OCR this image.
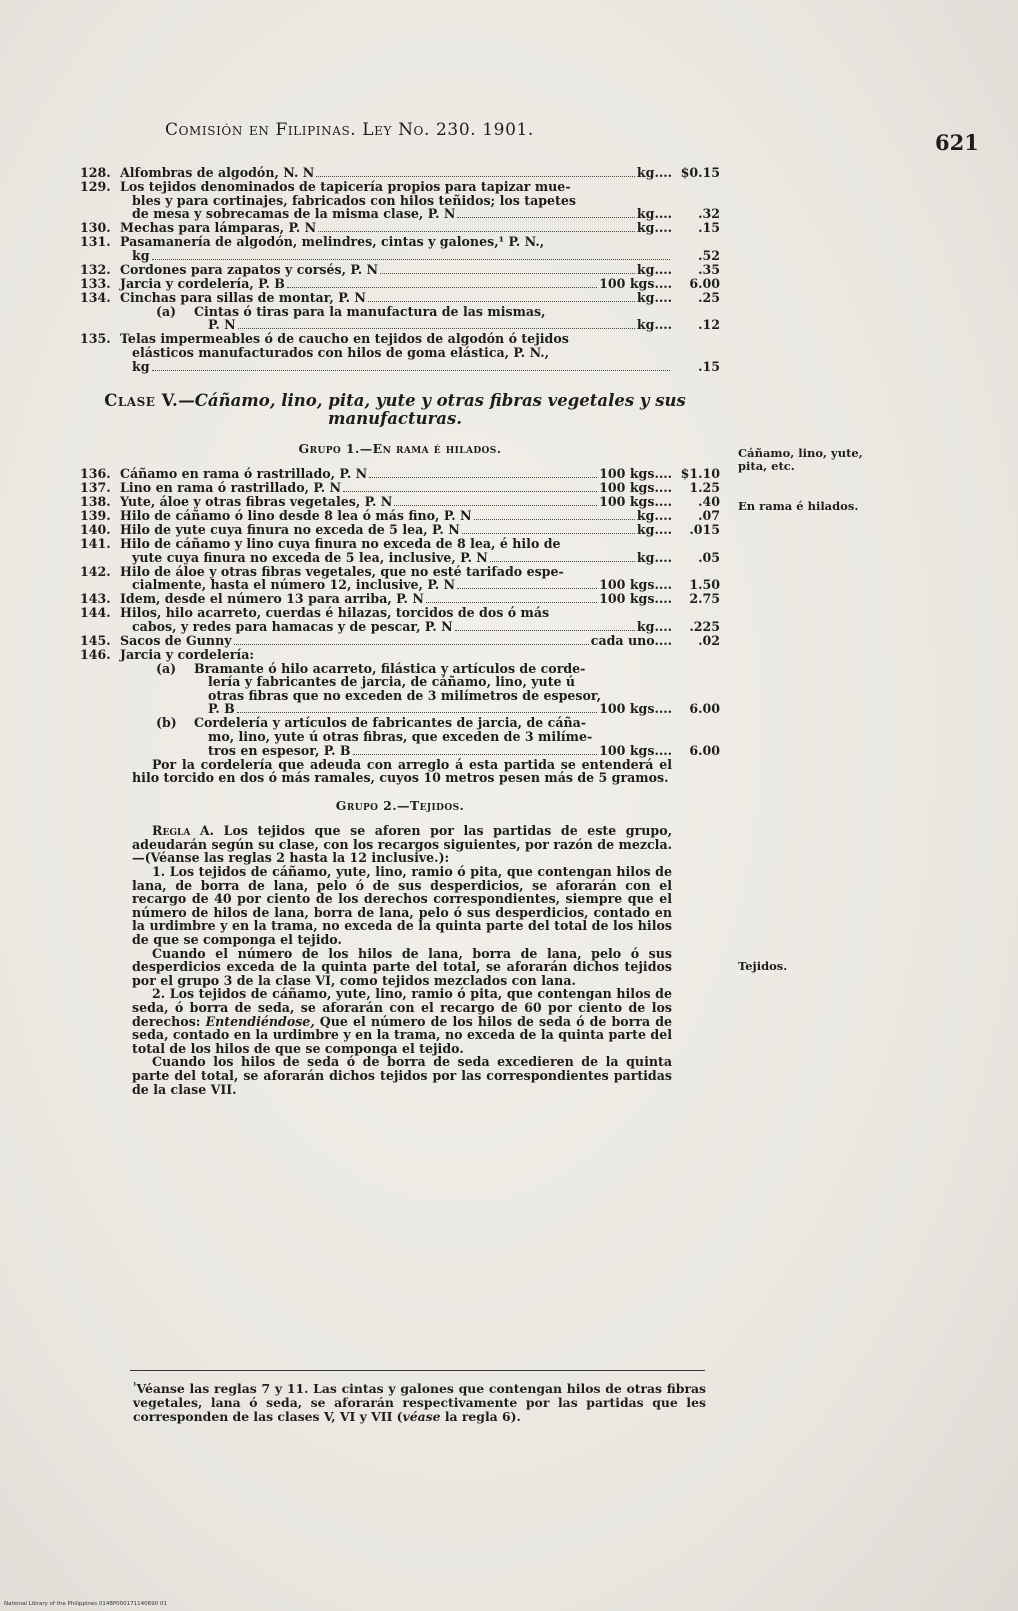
Comisión en Filipinas. Ley No. 230. 1901.	621
128. Alfombras de algodón, N. N	kg.... $0.15
129. Los tejidos denominados de tapicería propios para tapizar mue-
bles y para cortinajes, fabricados con hilos teñidos; los tapetes
de mesa y sobrecamas de la misma clase, P. N	kg....	.32
130. Mechas para lámparas, P. N	kg....	.15
131. Pasamanería de algodón, melindres, cintas y galones,¹ P. N.,
kg	.52
132. Cordones para zapatos y corsés, P. N	kg....	.35
133. Jarcia y cordelería, P. B	100 kgs....	6.00
134. Cinchas para sillas de montar, P. N	kg....	.25
(a)	Cintas ó tiras para la manufactura de las mismas,
P. N	kg....	.12
135. Telas impermeables ó de caucho en tejidos de algodón ó tejidos
elásticos manufacturados con hilos de goma elástica, P. N.,
kg	.15
Clase V.—Cáñamo, lino, pita, yute y otras fibras vegetales y sus manufacturas.
Grupo 1.—En rama é hilados.
136. Cáñamo en rama ó rastrillado, P. N	100 kgs.... $1.10
137. Lino en rama ó rastrillado, P. N	100 kgs....	1.25
138. Yute, áloe y otras fibras vegetales, P. N	100 kgs....	.40
139. Hilo de cáñamo ó lino desde 8 lea ó más fino, P. N	kg....	.07
140. Hilo de yute cuya finura no exceda de 5 lea, P. N	kg....	.015
141. Hilo de cáñamo y lino cuya finura no exceda de 8 lea, é hilo de
yute cuya finura no exceda de 5 lea, inclusive, P. N	kg....	.05
142. Hilo de áloe y otras fibras vegetales, que no esté tarifado espe-
cialmente, hasta el número 12, inclusive, P. N	100 kgs....	1.50
143. Idem, desde el número 13 para arriba, P. N	100 kgs....	2.75
144. Hilos, hilo acarreto, cuerdas é hilazas, torcidos de dos ó más
cabos, y redes para hamacas y de pescar, P. N	kg....	.225
145. Sacos de Gunny	cada uno....	.02
146. Jarcia y cordelería:
(a)	Bramante ó hilo acarreto, filástica y artículos de corde-
lería y fabricantes de jarcia, de cáñamo, lino, yute ú
otras fibras que no exceden de 3 milímetros de espesor,
P. B	100 kgs....	6.00
(b)	Cordelería y artículos de fabricantes de jarcia, de cáña-
mo, lino, yute ú otras fibras, que exceden de 3 milíme-
tros en espesor, P. B	100 kgs....	6.00
Por la cordelería que adeuda con arreglo á esta partida se entenderá el hilo torcido en dos ó más ramales, cuyos 10 metros pesen más de 5 gramos.
Grupo 2.—Tejidos.
Regla A. Los tejidos que se aforen por las partidas de este grupo, adeudarán según su clase, con los recargos siguientes, por razón de mezcla.—(Véanse las reglas 2 hasta la 12 inclusive.):
1. Los tejidos de cáñamo, yute, lino, ramio ó pita, que contengan hilos de lana, de borra de lana, pelo ó de sus desperdicios, se aforarán con el recargo de 40 por ciento de los derechos correspondientes, siempre que el número de hilos de lana, borra de lana, pelo ó sus desperdicios, contado en la urdimbre y en la trama, no exceda de la quinta parte del total de los hilos de que se componga el tejido.
Cuando el número de los hilos de lana, borra de lana, pelo ó sus desperdicios exceda de la quinta parte del total, se aforarán dichos tejidos por el grupo 3 de la clase VI, como tejidos mezclados con lana.
2. Los tejidos de cáñamo, yute, lino, ramio ó pita, que contengan hilos de seda, ó borra de seda, se aforarán con el recargo de 60 por ciento de los derechos: Entendiéndose, Que el número de los hilos de seda ó de borra de seda, contado en la urdimbre y en la trama, no exceda de la quinta parte del total de los hilos de que se componga el tejido.
Cuando los hilos de seda ó de borra de seda excedieren de la quinta parte del total, se aforarán dichos tejidos por las correspondientes partidas de la clase VII.
Cáñamo, lino, yute, pita, etc.
En rama é hilados.
Tejidos.
$^{^1}$Véanse las reglas 7 y 11. Las cintas y galones que contengan hilos de otras fibras vegetales, lana ó seda, se aforarán respectivamente por las partidas que les corresponden de las clases V, VI y VII (véase la regla 6).
National Library of the Philippines 0148P000171140690 01
